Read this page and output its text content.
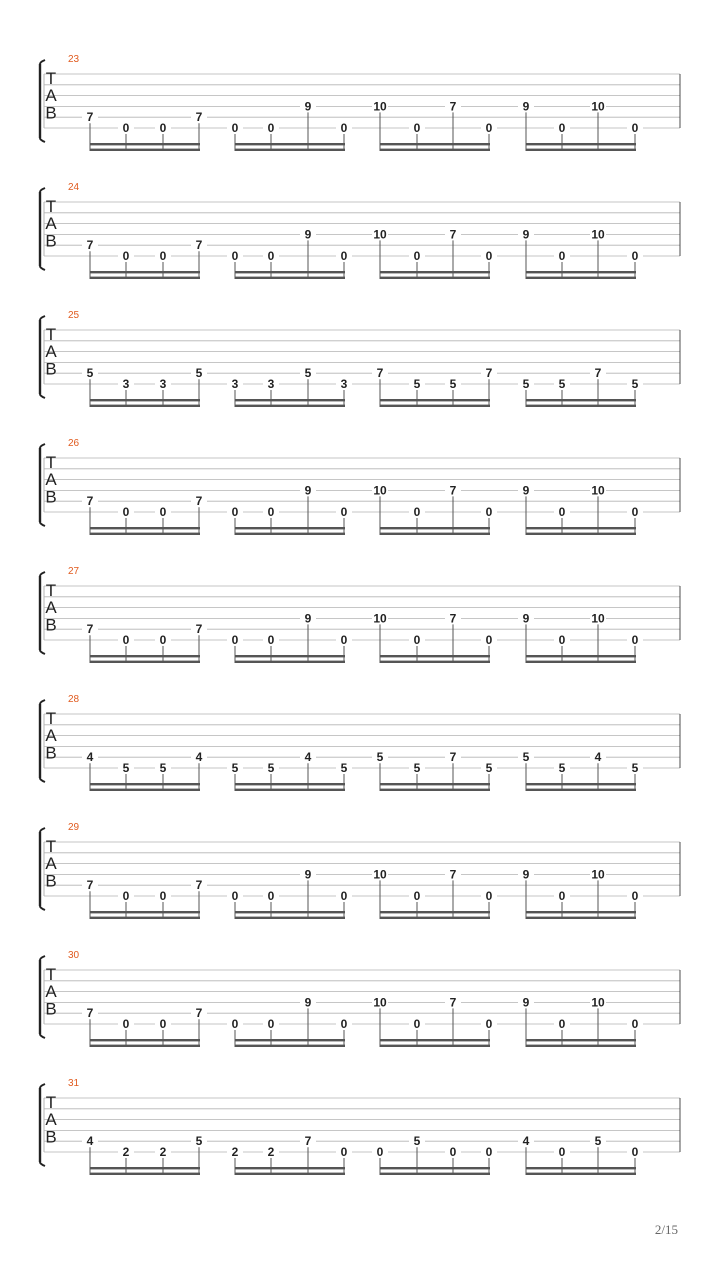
23
T
A
B 7
0	0
7
0 0
9
0
10
0
7
0
9
0
10
0
24
T
A
B 7
0	0
7
0 0
9
0
10
0
7
0
9
0
10
0
25
T
A
B 5
3	3
5
3 3
5
3
7
5 5
7
5 5
7
5
26
T
A
B 7
0	0
7
0 0
9
0
10
0
7
0
9
0
10
0
27
T
A
B 7
0	0
7
0 0
9
0
10
0
7
0
9
0
10
0
28
T
A
B 4
5	5
4
5 5
4
5
5
5
7
5
5
5
4
5
29
T
A
B 7
0	0
7
0 0
9
0
10
0
7
0
9
0
10
0
30
T
A
B 7
0	0
7
0 0
9
0
10
0
7
0
9
0
10
0
31
T
A
B 4
2	2
5
2 2
7
0 0
5
0 0
4
0
5
0
2/15
